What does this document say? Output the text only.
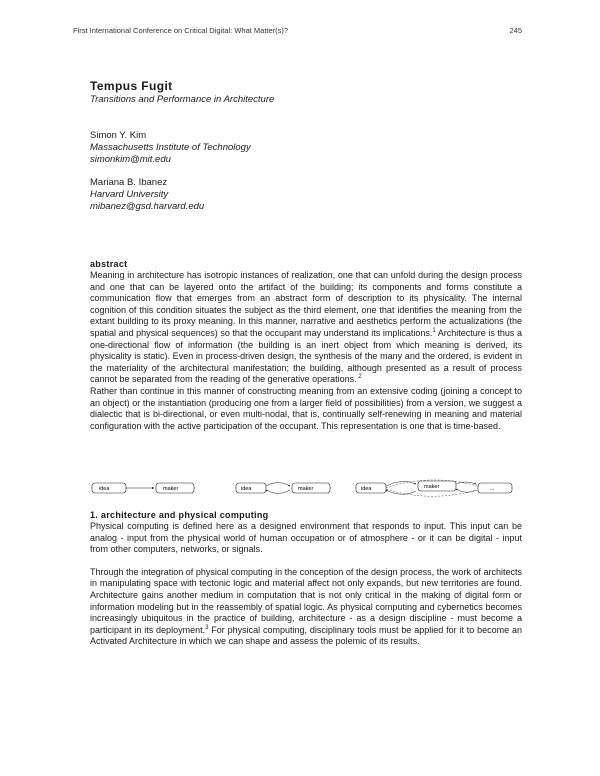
First International Conference on Critical Digital: What Matter(s)?	245
Tempus Fugit
Transitions and Performance in Architecture
Simon Y. Kim
Massachusetts Institute of Technology
simonkim@mit.edu
Mariana B. Ibanez
Harvard University
mibanez@gsd.harvard.edu

abstract

Meaning in architecture has isotropic instances of realization, one that can unfold during the design process and one that can be layered onto the artifact of the building; its components and forms constitute a communication flow that emerges from an abstract form of description to its physicality. The internal cognition of this condition situates the subject as the third element, one that identifies the meaning from the extant building to its proxy meaning. In this manner, narrative and aesthetics perform the actualizations (the spatial and physical sequences) so that the occupant may understand its implications.$^1$ Architecture is thus a one-directional flow of information (the building is an inert object from which meaning is derived, its physicality is static). Even in process-driven design, the synthesis of the many and the ordered, is evident in the materiality of the architectural manifestation; the building, although presented as a result of process cannot be separated from the reading of the generative operations. $^2$

Rather than continue in this manner of constructing meaning from an extensive coding (joining a concept to an object) or the instantiation (producing one from a larger field of possibilities) from a version, we suggest a dialectic that is bi-directional, or even multi-nodal, that is, continually self-renewing in meaning and material configuration with the active participation of the occupant. This representation is one that is time-based.

idea	maker	idea	maker	idea	maker	...

1. architecture and physical computing

Physical computing is defined here as a designed environment that responds to input. This input can be analog - input from the physical world of human occupation or of atmosphere - or it can be digital - input from other computers, networks, or signals.

Through the integration of physical computing in the conception of the design process, the work of architects in manipulating space with tectonic logic and material affect not only expands, but new territories are found. Architecture gains another medium in computation that is not only critical in the making of digital form or information modeling but in the reassembly of spatial logic. As physical computing and cybernetics becomes increasingly ubiquitous in the practice of building, architecture - as a design discipline - must become a participant in its deployment.$^3$ For physical computing, disciplinary tools must be applied for it to become an Activated Architecture in which we can shape and assess the polemic of its results.
